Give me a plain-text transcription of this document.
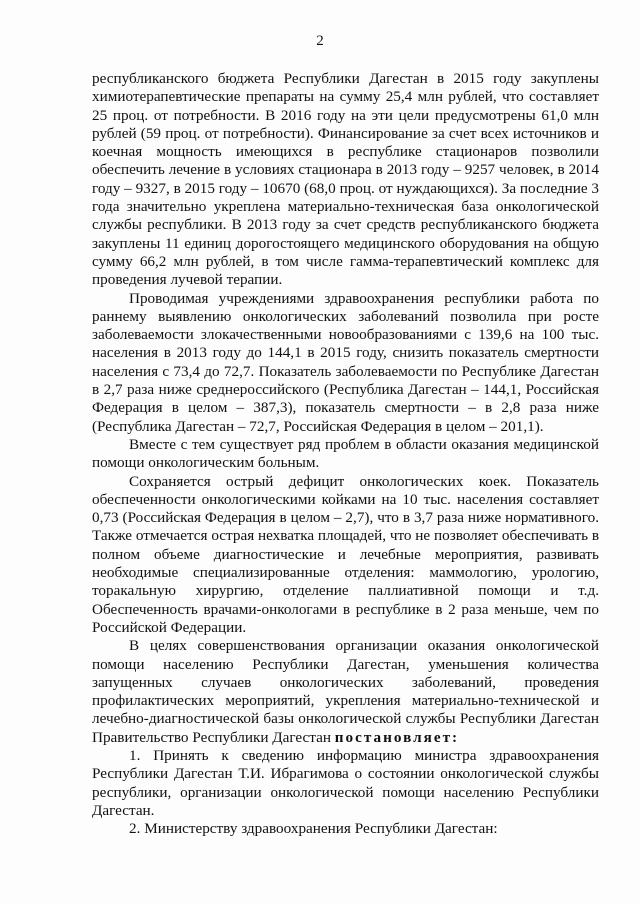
2

республиканского бюджета Республики Дагестан в 2015 году закуплены химиотерапевтические препараты на сумму 25,4 млн рублей, что составляет 25 проц. от потребности. В 2016 году на эти цели предусмотрены 61,0 млн рублей (59 проц. от потребности). Финансирование за счет всех источников и коечная мощность имеющихся в республике стационаров позволили обеспечить лечение в условиях стационара в 2013 году – 9257 человек, в 2014 году – 9327, в 2015 году – 10670 (68,0 проц. от нуждающихся). За последние 3 года значительно укреплена материально-техническая база онкологической службы республики. В 2013 году за счет средств республиканского бюджета закуплены 11 единиц дорогостоящего медицинского оборудования на общую сумму 66,2 млн рублей, в том числе гамма-терапевтический комплекс для проведения лучевой терапии.

Проводимая учреждениями здравоохранения республики работа по раннему выявлению онкологических заболеваний позволила при росте заболеваемости злокачественными новообразованиями с 139,6 на 100 тыс. населения в 2013 году до 144,1 в 2015 году, снизить показатель смертности населения с 73,4 до 72,7. Показатель заболеваемости по Республике Дагестан в 2,7 раза ниже среднероссийского (Республика Дагестан – 144,1, Российская Федерация в целом – 387,3), показатель смертности – в 2,8 раза ниже (Республика Дагестан – 72,7, Российская Федерация в целом – 201,1).

Вместе с тем существует ряд проблем в области оказания медицинской помощи онкологическим больным.

Сохраняется острый дефицит онкологических коек. Показатель обеспеченности онкологическими койками на 10 тыс. населения составляет 0,73 (Российская Федерация в целом – 2,7), что в 3,7 раза ниже нормативного. Также отмечается острая нехватка площадей, что не позволяет обеспечивать в полном объеме диагностические и лечебные мероприятия, развивать необходимые специализированные отделения: маммологию, урологию, торакальную хирургию, отделение паллиативной помощи и т.д. Обеспеченность врачами-онкологами в республике в 2 раза меньше, чем по Российской Федерации.

В целях совершенствования организации оказания онкологической помощи населению Республики Дагестан, уменьшения количества запущенных случаев онкологических заболеваний, проведения профилактических мероприятий, укрепления материально-технической и лечебно-диагностической базы онкологической службы Республики Дагестан Правительство Республики Дагестан постановляет:

1. Принять к сведению информацию министра здравоохранения Республики Дагестан Т.И. Ибрагимова о состоянии онкологической службы республики, организации онкологической помощи населению Республики Дагестан.

2. Министерству здравоохранения Республики Дагестан:
